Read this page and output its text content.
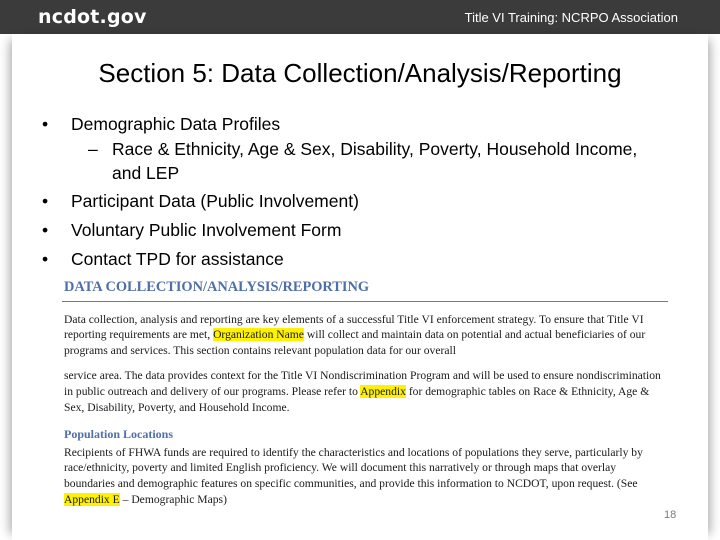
ncdot.gov	Title VI Training: NCRPO Association
Section 5: Data Collection/Analysis/Reporting
•	Demographic Data Profiles
– Race & Ethnicity, Age & Sex, Disability, Poverty, Household Income, and LEP
•	Participant Data (Public Involvement)
•	Voluntary Public Involvement Form
•	Contact TPD for assistance
DATA COLLECTION/ANALYSIS/REPORTING
Data collection, analysis and reporting are key elements of a successful Title VI enforcement strategy. To ensure that Title VI reporting requirements are met, Organization Name will collect and maintain data on potential and actual beneficiaries of our programs and services. This section contains relevant population data for our overall
service area. The data provides context for the Title VI Nondiscrimination Program and will be used to ensure nondiscrimination in public outreach and delivery of our programs. Please refer to Appendix for demographic tables on Race & Ethnicity, Age & Sex, Disability, Poverty, and Household Income.
Population Locations
Recipients of FHWA funds are required to identify the characteristics and locations of populations they serve, particularly by race/ethnicity, poverty and limited English proficiency. We will document this narratively or through maps that overlay boundaries and demographic features on specific communities, and provide this information to NCDOT, upon request. (See Appendix E – Demographic Maps)
18
